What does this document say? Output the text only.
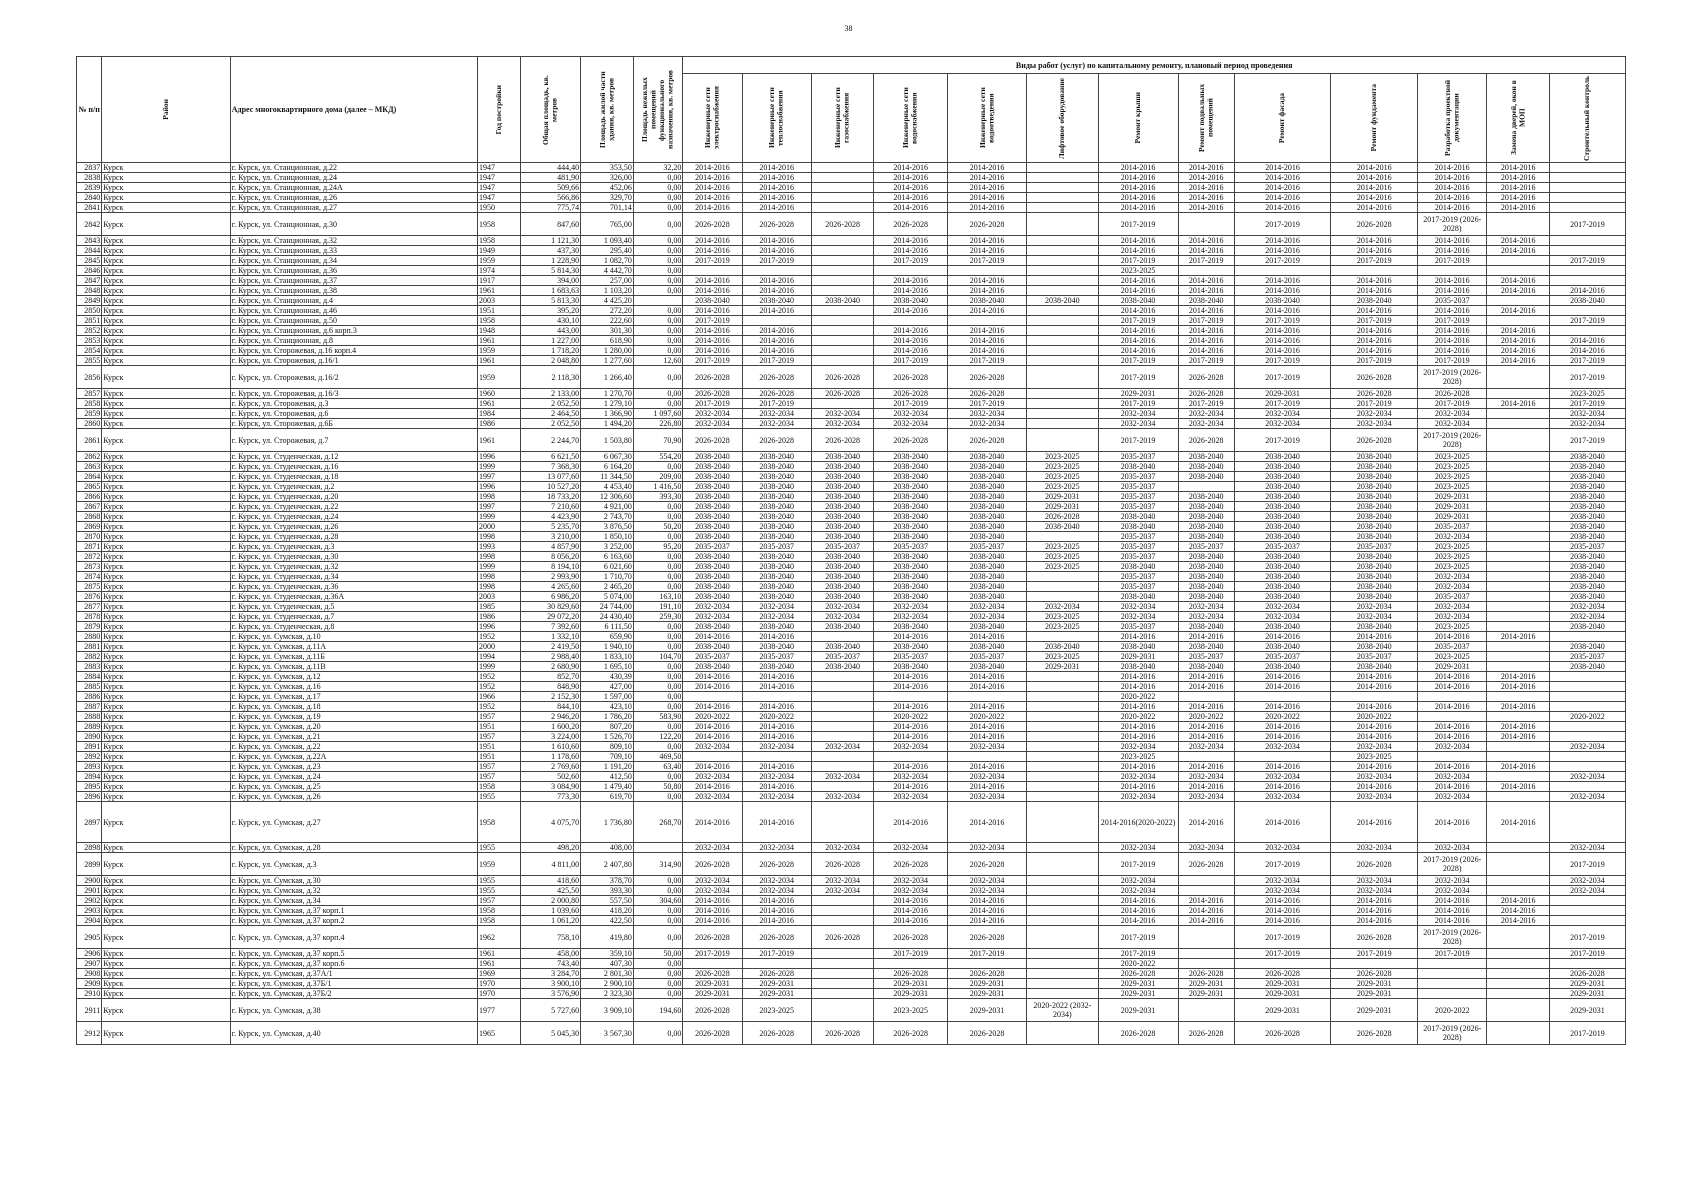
38
№ п/п	Район	Адрес многоквартирного дома (далее – МКД)	Год постройки	Общая площадь, кв. метров	Площадь жилой части здания, кв. метров	Площадь нежилых помещений функционального назначения, кв. метров	Виды работ (услуг) по капитальному ремонту, плановый период проведения												

							Инженерные сети электроснабжения	Инженерные сети теплоснабжения	Инженерные сети газоснабжения	Инженерные сети водоснабжения	Инженерные сети водоотведения	Лифтовое оборудование	Ремонт крыши	Ремонт подвальных помещений	Ремонт фасада	Ремонт фундамента	Разработка проектной документации	Замена дверей, окон в МОП	Строительный контроль

2837	Курск	г. Курск, ул. Станционная, д.22	1947	444,40	353,50	32,20	2014-2016	2014-2016		2014-2016	2014-2016		2014-2016	2014-2016	2014-2016	2014-2016	2014-2016	2014-2016	
2838	Курск	г. Курск, ул. Станционная, д.24	1947	481,90	326,00	0,00	2014-2016	2014-2016		2014-2016	2014-2016		2014-2016	2014-2016	2014-2016	2014-2016	2014-2016	2014-2016	
2839	Курск	г. Курск, ул. Станционная, д.24А	1947	509,66	452,06	0,00	2014-2016	2014-2016		2014-2016	2014-2016		2014-2016	2014-2016	2014-2016	2014-2016	2014-2016	2014-2016	
2840	Курск	г. Курск, ул. Станционная, д.26	1947	566,86	329,70	0,00	2014-2016	2014-2016		2014-2016	2014-2016		2014-2016	2014-2016	2014-2016	2014-2016	2014-2016	2014-2016	
2841	Курск	г. Курск, ул. Станционная, д.27	1950	775,74	701,14	0,00	2014-2016	2014-2016		2014-2016	2014-2016		2014-2016	2014-2016	2014-2016	2014-2016	2014-2016	2014-2016	
2842	Курск	г. Курск, ул. Станционная, д.30	1958	847,60	765,00	0,00	2026-2028	2026-2028	2026-2028	2026-2028	2026-2028		2017-2019		2017-2019	2026-2028	2017-2019 (2026-2028)		2017-2019
2843	Курск	г. Курск, ул. Станционная, д.32	1958	1 121,30	1 093,40	0,00	2014-2016	2014-2016		2014-2016	2014-2016		2014-2016	2014-2016	2014-2016	2014-2016	2014-2016	2014-2016	
2844	Курск	г. Курск, ул. Станционная, д.33	1949	437,30	295,40	0,00	2014-2016	2014-2016		2014-2016	2014-2016		2014-2016	2014-2016	2014-2016	2014-2016	2014-2016	2014-2016	
2845	Курск	г. Курск, ул. Станционная, д.34	1959	1 228,90	1 082,70	0,00	2017-2019	2017-2019		2017-2019	2017-2019		2017-2019	2017-2019	2017-2019	2017-2019	2017-2019		2017-2019
2846	Курск	г. Курск, ул. Станционная, д.36	1974	5 814,30	4 442,70	0,00							2023-2025						
2847	Курск	г. Курск, ул. Станционная, д.37	1917	394,00	257,00	0,00	2014-2016	2014-2016		2014-2016	2014-2016		2014-2016	2014-2016	2014-2016	2014-2016	2014-2016	2014-2016	
2848	Курск	г. Курск, ул. Станционная, д.38	1961	1 683,63	1 103,20	0,00	2014-2016	2014-2016		2014-2016	2014-2016		2014-2016	2014-2016	2014-2016	2014-2016	2014-2016	2014-2016	2014-2016
2849	Курск	г. Курск, ул. Станционная, д.4	2003	5 813,30	4 425,20		2038-2040	2038-2040	2038-2040	2038-2040	2038-2040	2038-2040	2038-2040	2038-2040	2038-2040	2038-2040	2035-2037		2038-2040
2850	Курск	г. Курск, ул. Станционная, д.46	1951	395,20	272,20	0,00	2014-2016	2014-2016		2014-2016	2014-2016		2014-2016	2014-2016	2014-2016	2014-2016	2014-2016	2014-2016	
2851	Курск	г. Курск, ул. Станционная, д.50	1958	430,10	222,60	0,00	2017-2019						2017-2019	2017-2019	2017-2019	2017-2019	2017-2019		2017-2019
2852	Курск	г. Курск, ул. Станционная, д.6 корп.3	1948	443,00	301,30	0,00	2014-2016	2014-2016		2014-2016	2014-2016		2014-2016	2014-2016	2014-2016	2014-2016	2014-2016	2014-2016	
2853	Курск	г. Курск, ул. Станционная, д.8	1961	1 227,00	618,90	0,00	2014-2016	2014-2016		2014-2016	2014-2016		2014-2016	2014-2016	2014-2016	2014-2016	2014-2016	2014-2016	2014-2016
2854	Курск	г. Курск, ул. Сторожевая, д.16 корп.4	1959	1 718,20	1 280,00	0,00	2014-2016	2014-2016		2014-2016	2014-2016		2014-2016	2014-2016	2014-2016	2014-2016	2014-2016	2014-2016	2014-2016
2855	Курск	г. Курск, ул. Сторожевая, д.16/1	1961	2 048,80	1 277,60	12,60	2017-2019	2017-2019		2017-2019	2017-2019		2017-2019	2017-2019	2017-2019	2017-2019	2017-2019	2014-2016	2017-2019
2856	Курск	г. Курск, ул. Сторожевая, д.16/2	1959	2 118,30	1 266,40	0,00	2026-2028	2026-2028	2026-2028	2026-2028	2026-2028		2017-2019	2026-2028	2017-2019	2026-2028	2017-2019 (2026-2028)		2017-2019
2857	Курск	г. Курск, ул. Сторожевая, д.16/3	1960	2 133,00	1 270,70	0,00	2026-2028	2026-2028	2026-2028	2026-2028	2026-2028		2029-2031	2026-2028	2029-2031	2026-2028	2026-2028		2023-2025
2858	Курск	г. Курск, ул. Сторожевая, д.3	1961	2 052,50	1 279,10	0,00	2017-2019	2017-2019		2017-2019	2017-2019		2017-2019	2017-2019	2017-2019	2017-2019	2017-2019	2014-2016	2017-2019
2859	Курск	г. Курск, ул. Сторожевая, д.6	1984	2 464,50	1 366,90	1 097,60	2032-2034	2032-2034	2032-2034	2032-2034	2032-2034		2032-2034	2032-2034	2032-2034	2032-2034	2032-2034		2032-2034
2860	Курск	г. Курск, ул. Сторожевая, д.6Б	1986	2 052,50	1 494,20	226,80	2032-2034	2032-2034	2032-2034	2032-2034	2032-2034		2032-2034	2032-2034	2032-2034	2032-2034	2032-2034		2032-2034
2861	Курск	г. Курск, ул. Сторожевая, д.7	1961	2 244,70	1 503,80	70,90	2026-2028	2026-2028	2026-2028	2026-2028	2026-2028		2017-2019	2026-2028	2017-2019	2026-2028	2017-2019 (2026-2028)		2017-2019
2862	Курск	г. Курск, ул. Студенческая, д.12	1996	6 621,50	6 067,30	554,20	2038-2040	2038-2040	2038-2040	2038-2040	2038-2040	2023-2025	2035-2037	2038-2040	2038-2040	2038-2040	2023-2025		2038-2040
2863	Курск	г. Курск, ул. Студенческая, д.16	1999	7 368,30	6 164,20	0,00	2038-2040	2038-2040	2038-2040	2038-2040	2038-2040	2023-2025	2038-2040	2038-2040	2038-2040	2038-2040	2023-2025		2038-2040
2864	Курск	г. Курск, ул. Студенческая, д.18	1997	13 077,60	11 344,50	209,00	2038-2040	2038-2040	2038-2040	2038-2040	2038-2040	2023-2025	2035-2037	2038-2040	2038-2040	2038-2040	2023-2025		2038-2040
2865	Курск	г. Курск, ул. Студенческая, д.2	1996	10 527,20	4 453,40	1 416,50	2038-2040	2038-2040	2038-2040	2038-2040	2038-2040	2023-2025	2035-2037		2038-2040	2038-2040	2023-2025		2038-2040
2866	Курск	г. Курск, ул. Студенческая, д.20	1998	18 733,20	12 306,60	393,30	2038-2040	2038-2040	2038-2040	2038-2040	2038-2040	2029-2031	2035-2037	2038-2040	2038-2040	2038-2040	2029-2031		2038-2040
2867	Курск	г. Курск, ул. Студенческая, д.22	1997	7 210,60	4 921,00	0,00	2038-2040	2038-2040	2038-2040	2038-2040	2038-2040	2029-2031	2035-2037	2038-2040	2038-2040	2038-2040	2029-2031		2038-2040
2868	Курск	г. Курск, ул. Студенческая, д.24	1999	4 423,90	2 743,70	0,00	2038-2040	2038-2040	2038-2040	2038-2040	2038-2040	2026-2028	2038-2040	2038-2040	2038-2040	2038-2040	2029-2031		2038-2040
2869	Курск	г. Курск, ул. Студенческая, д.26	2000	5 235,70	3 876,50	50,20	2038-2040	2038-2040	2038-2040	2038-2040	2038-2040	2038-2040	2038-2040	2038-2040	2038-2040	2038-2040	2035-2037		2038-2040
2870	Курск	г. Курск, ул. Студенческая, д.28	1998	3 210,00	1 850,10	0,00	2038-2040	2038-2040	2038-2040	2038-2040	2038-2040		2035-2037	2038-2040	2038-2040	2038-2040	2032-2034		2038-2040
2871	Курск	г. Курск, ул. Студенческая, д.3	1993	4 857,90	3 252,00	95,20	2035-2037	2035-2037	2035-2037	2035-2037	2035-2037	2023-2025	2035-2037	2035-2037	2035-2037	2035-2037	2023-2025		2035-2037
2872	Курск	г. Курск, ул. Студенческая, д.30	1998	8 056,20	6 163,60	0,00	2038-2040	2038-2040	2038-2040	2038-2040	2038-2040	2023-2025	2035-2037	2038-2040	2038-2040	2038-2040	2023-2025		2038-2040
2873	Курск	г. Курск, ул. Студенческая, д.32	1999	8 194,10	6 021,60	0,00	2038-2040	2038-2040	2038-2040	2038-2040	2038-2040	2023-2025	2038-2040	2038-2040	2038-2040	2038-2040	2023-2025		2038-2040
2874	Курск	г. Курск, ул. Студенческая, д.34	1998	2 993,90	1 710,70	0,00	2038-2040	2038-2040	2038-2040	2038-2040	2038-2040		2035-2037	2038-2040	2038-2040	2038-2040	2032-2034		2038-2040
2875	Курск	г. Курск, ул. Студенческая, д.36	1998	4 265,60	2 465,20	0,00	2038-2040	2038-2040	2038-2040	2038-2040	2038-2040		2035-2037	2038-2040	2038-2040	2038-2040	2032-2034		2038-2040
2876	Курск	г. Курск, ул. Студенческая, д.36А	2003	6 986,20	5 074,00	163,10	2038-2040	2038-2040	2038-2040	2038-2040	2038-2040		2038-2040	2038-2040	2038-2040	2038-2040	2035-2037		2038-2040
2877	Курск	г. Курск, ул. Студенческая, д.5	1985	30 829,60	24 744,00	191,10	2032-2034	2032-2034	2032-2034	2032-2034	2032-2034	2032-2034	2032-2034	2032-2034	2032-2034	2032-2034	2032-2034		2032-2034
2878	Курск	г. Курск, ул. Студенческая, д.7	1986	29 072,20	24 430,40	259,30	2032-2034	2032-2034	2032-2034	2032-2034	2032-2034	2023-2025	2032-2034	2032-2034	2032-2034	2032-2034	2032-2034		2032-2034
2879	Курск	г. Курск, ул. Студенческая, д.8	1996	7 392,60	6 111,50	0,00	2038-2040	2038-2040	2038-2040	2038-2040	2038-2040	2023-2025	2035-2037	2038-2040	2038-2040	2038-2040	2023-2025		2038-2040
2880	Курск	г. Курск, ул. Сумская, д.10	1952	1 332,10	659,90	0,00	2014-2016	2014-2016		2014-2016	2014-2016		2014-2016	2014-2016	2014-2016	2014-2016	2014-2016	2014-2016	
2881	Курск	г. Курск, ул. Сумская, д.11А	2000	2 419,50	1 940,10	0,00	2038-2040	2038-2040	2038-2040	2038-2040	2038-2040	2038-2040	2038-2040	2038-2040	2038-2040	2038-2040	2035-2037		2038-2040
2882	Курск	г. Курск, ул. Сумская, д.11Б	1994	2 988,40	1 833,10	104,70	2035-2037	2035-2037	2035-2037	2035-2037	2035-2037	2023-2025	2029-2031	2035-2037	2035-2037	2035-2037	2023-2025		2035-2037
2883	Курск	г. Курск, ул. Сумская, д.11В	1999	2 680,90	1 695,10	0,00	2038-2040	2038-2040	2038-2040	2038-2040	2038-2040	2029-2031	2038-2040	2038-2040	2038-2040	2038-2040	2029-2031		2038-2040
2884	Курск	г. Курск, ул. Сумская, д.12	1952	852,70	430,39	0,00	2014-2016	2014-2016		2014-2016	2014-2016		2014-2016	2014-2016	2014-2016	2014-2016	2014-2016	2014-2016	
2885	Курск	г. Курск, ул. Сумская, д.16	1952	848,90	427,00	0,00	2014-2016	2014-2016		2014-2016	2014-2016		2014-2016	2014-2016	2014-2016	2014-2016	2014-2016	2014-2016	
2886	Курск	г. Курск, ул. Сумская, д.17	1966	2 152,30	1 597,00	0,00							2020-2022						
2887	Курск	г. Курск, ул. Сумская, д.18	1952	844,10	423,10	0,00	2014-2016	2014-2016		2014-2016	2014-2016		2014-2016	2014-2016	2014-2016	2014-2016	2014-2016	2014-2016	
2888	Курск	г. Курск, ул. Сумская, д.19	1957	2 946,20	1 786,20	583,90	2020-2022	2020-2022		2020-2022	2020-2022		2020-2022	2020-2022	2020-2022	2020-2022			2020-2022
2889	Курск	г. Курск, ул. Сумская, д.20	1951	1 600,20	807,20	0,00	2014-2016	2014-2016		2014-2016	2014-2016		2014-2016	2014-2016	2014-2016	2014-2016	2014-2016	2014-2016	
2890	Курск	г. Курск, ул. Сумская, д.21	1957	3 224,00	1 526,70	122,20	2014-2016	2014-2016		2014-2016	2014-2016		2014-2016	2014-2016	2014-2016	2014-2016	2014-2016	2014-2016	
2891	Курск	г. Курск, ул. Сумская, д.22	1951	1 610,60	809,10	0,00	2032-2034	2032-2034	2032-2034	2032-2034	2032-2034		2032-2034	2032-2034	2032-2034	2032-2034	2032-2034		2032-2034
2892	Курск	г. Курск, ул. Сумская, д.22А	1951	1 178,60	709,10	469,50							2023-2025			2023-2025			
2893	Курск	г. Курск, ул. Сумская, д.23	1957	2 769,60	1 191,20	63,40	2014-2016	2014-2016		2014-2016	2014-2016		2014-2016	2014-2016	2014-2016	2014-2016	2014-2016	2014-2016	
2894	Курск	г. Курск, ул. Сумская, д.24	1957	502,60	412,50	0,00	2032-2034	2032-2034	2032-2034	2032-2034	2032-2034		2032-2034	2032-2034	2032-2034	2032-2034	2032-2034		2032-2034
2895	Курск	г. Курск, ул. Сумская, д.25	1958	3 084,90	1 479,40	50,80	2014-2016	2014-2016		2014-2016	2014-2016		2014-2016	2014-2016	2014-2016	2014-2016	2014-2016	2014-2016	
2896	Курск	г. Курск, ул. Сумская, д.26	1955	773,30	619,70	0,00	2032-2034	2032-2034	2032-2034	2032-2034	2032-2034		2032-2034	2032-2034	2032-2034	2032-2034	2032-2034		2032-2034
2897	Курск	г. Курск, ул. Сумская, д.27	1958	4 075,70	1 736,80	268,70	2014-2016	2014-2016		2014-2016	2014-2016		2014-2016(2020-2022)	2014-2016	2014-2016	2014-2016	2014-2016	2014-2016	
2898	Курск	г. Курск, ул. Сумская, д.28	1955	498,20	408,00		2032-2034	2032-2034	2032-2034	2032-2034	2032-2034		2032-2034	2032-2034	2032-2034	2032-2034	2032-2034		2032-2034
2899	Курск	г. Курск, ул. Сумская, д.3	1959	4 811,00	2 407,80	314,90	2026-2028	2026-2028	2026-2028	2026-2028	2026-2028		2017-2019	2026-2028	2017-2019	2026-2028	2017-2019 (2026-2028)		2017-2019
2900	Курск	г. Курск, ул. Сумская, д.30	1955	418,60	378,70	0,00	2032-2034	2032-2034	2032-2034	2032-2034	2032-2034		2032-2034		2032-2034	2032-2034	2032-2034		2032-2034
2901	Курск	г. Курск, ул. Сумская, д.32	1955	425,50	393,30	0,00	2032-2034	2032-2034	2032-2034	2032-2034	2032-2034		2032-2034		2032-2034	2032-2034	2032-2034		2032-2034
2902	Курск	г. Курск, ул. Сумская, д.34	1957	2 000,80	557,50	304,60	2014-2016	2014-2016		2014-2016	2014-2016		2014-2016	2014-2016	2014-2016	2014-2016	2014-2016	2014-2016	
2903	Курск	г. Курск, ул. Сумская, д.37 корп.1	1958	1 039,60	418,20	0,00	2014-2016	2014-2016		2014-2016	2014-2016		2014-2016	2014-2016	2014-2016	2014-2016	2014-2016	2014-2016	
2904	Курск	г. Курск, ул. Сумская, д.37 корп.2	1958	1 061,20	422,50	0,00	2014-2016	2014-2016		2014-2016	2014-2016		2014-2016	2014-2016	2014-2016	2014-2016	2014-2016	2014-2016	
2905	Курск	г. Курск, ул. Сумская, д.37 корп.4	1962	758,10	419,80	0,00	2026-2028	2026-2028	2026-2028	2026-2028	2026-2028		2017-2019		2017-2019	2026-2028	2017-2019 (2026-2028)		2017-2019
2906	Курск	г. Курск, ул. Сумская, д.37 корп.5	1961	458,00	359,10	50,00	2017-2019	2017-2019		2017-2019	2017-2019		2017-2019		2017-2019	2017-2019	2017-2019		2017-2019
2907	Курск	г. Курск, ул. Сумская, д.37 корп.6	1961	743,40	407,30	0,00							2020-2022						
2908	Курск	г. Курск, ул. Сумская, д.37А/1	1969	3 284,70	2 801,30	0,00	2026-2028	2026-2028		2026-2028	2026-2028		2026-2028	2026-2028	2026-2028	2026-2028			2026-2028
2909	Курск	г. Курск, ул. Сумская, д.37Б/1	1970	3 900,10	2 900,10	0,00	2029-2031	2029-2031		2029-2031	2029-2031		2029-2031	2029-2031	2029-2031	2029-2031			2029-2031
2910	Курск	г. Курск, ул. Сумская, д.37Б/2	1970	3 576,90	2 323,30	0,00	2029-2031	2029-2031		2029-2031	2029-2031		2029-2031	2029-2031	2029-2031	2029-2031			2029-2031
2911	Курск	г. Курск, ул. Сумская, д.38	1977	5 727,60	3 909,10	194,60	2026-2028	2023-2025		2023-2025	2029-2031	2020-2022 (2032-2034)	2029-2031		2029-2031	2029-2031	2020-2022		2029-2031
2912	Курск	г. Курск, ул. Сумская, д.40	1965	5 045,30	3 567,30	0,00	2026-2028	2026-2028	2026-2028	2026-2028	2026-2028		2026-2028	2026-2028	2026-2028	2026-2028	2017-2019 (2026-2028)		2017-2019
